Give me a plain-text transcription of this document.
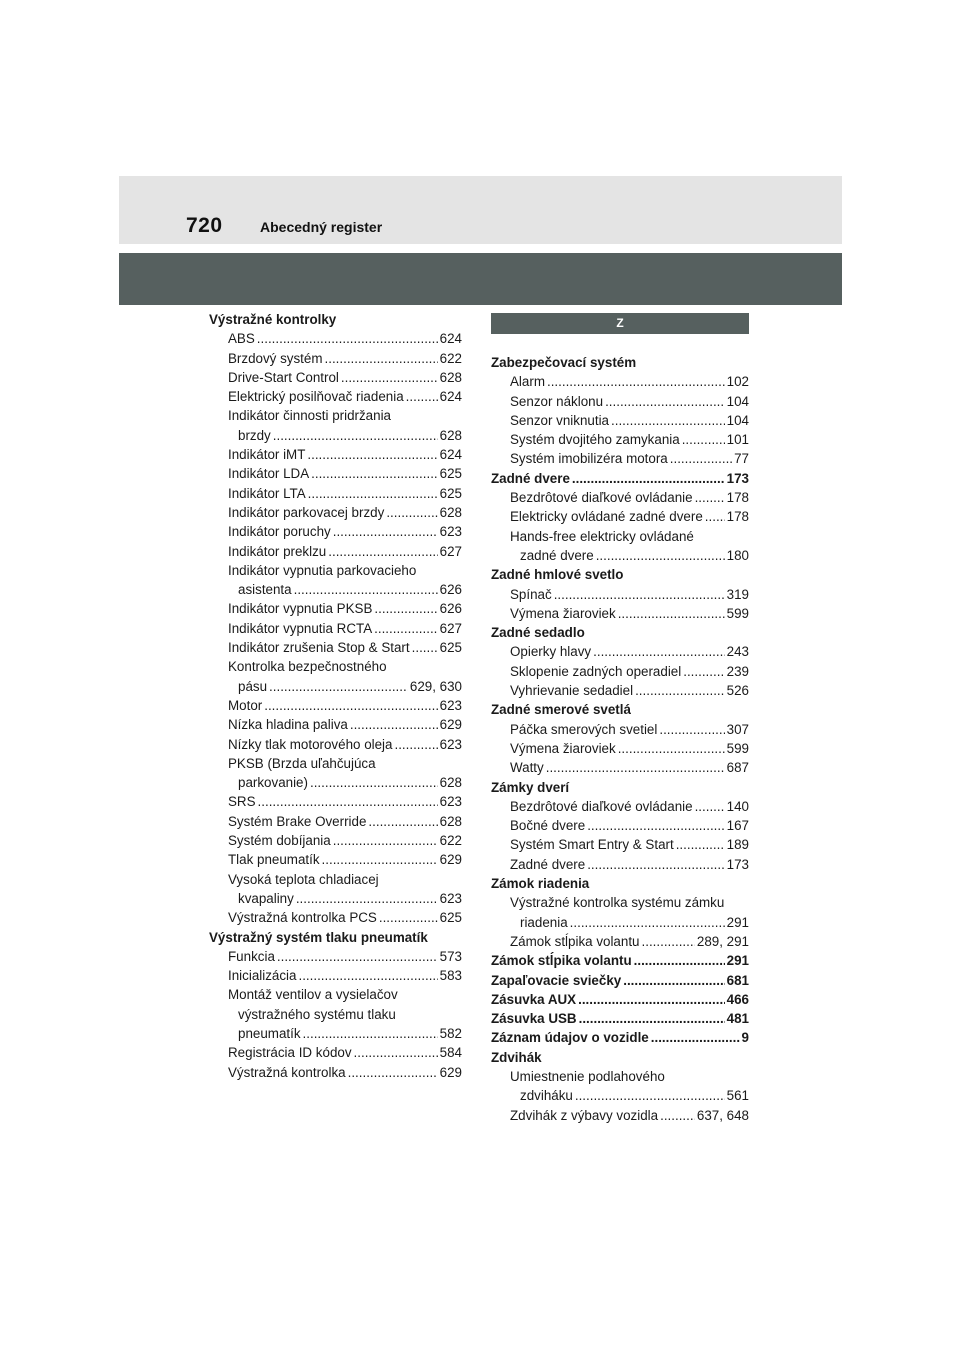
720	Abecedný register
Výstražné kontrolky
ABS .....	624
Brzdový systém .....	622
Drive-Start Control .....	628
Elektrický posilňovač riadenia .....	624
Indikátor činnosti pridržania
brzdy .....	628
Indikátor iMT .....	624
Indikátor LDA .....	625
Indikátor LTA .....	625
Indikátor parkovacej brzdy .....	628
Indikátor poruchy .....	623
Indikátor preklzu .....	627
Indikátor vypnutia parkovacieho
asistenta .....	626
Indikátor vypnutia PKSB .....	626
Indikátor vypnutia RCTA .....	627
Indikátor zrušenia Stop & Start ..... 625
Kontrolka bezpečnostného
pásu .....	629, 630
Motor .....	623
Nízka hladina paliva .....	629
Nízky tlak motorového oleja .....	623
PKSB (Brzda uľahčujúca
parkovanie) .....	628
SRS .....	623
Systém Brake Override .....	628
Systém dobíjania .....	622
Tlak pneumatík .....	629
Vysoká teplota chladiacej
kvapaliny .....	623
Výstražná kontrolka PCS .....	625
Výstražný systém tlaku pneumatík
Funkcia .....	573
Inicializácia .....	583
Montáž ventilov a vysielačov
výstražného systému tlaku
pneumatík .....	582
Registrácia ID kódov .....	584
Výstražná kontrolka .....	629
Z
Zabezpečovací systém
Alarm .....	102
Senzor náklonu .....	104
Senzor vniknutia .....	104
Systém dvojitého zamykania .....	101
Systém imobilizéra motora .....	77
Zadné dvere .....	173
Bezdrôtové diaľkové ovládanie .....	178
Elektricky ovládané zadné dvere ..... 178
Hands-free elektricky ovládané
zadné dvere .....	180
Zadné hmlové svetlo
Spínač .....	319
Výmena žiaroviek .....	599
Zadné sedadlo
Opierky hlavy .....	243
Sklopenie zadných operadiel .....	239
Vyhrievanie sedadiel .....	526
Zadné smerové svetlá
Páčka smerových svetiel .....	307
Výmena žiaroviek .....	599
Watty .....	687
Zámky dverí
Bezdrôtové diaľkové ovládanie .....	140
Bočné dvere .....	167
Systém Smart Entry & Start .....	189
Zadné dvere .....	173
Zámok riadenia
Výstražné kontrolka systému zámku
riadenia .....	291
Zámok stĺpika volantu .....	289, 291
Zámok stĺpika volantu .....	291
Zapaľovacie sviečky .....	681
Zásuvka AUX .....	466
Zásuvka USB .....	481
Záznam údajov o vozidle .....	9
Zdvihák
Umiestnenie podlahového
zdviháku .....	561
Zdvihák z výbavy vozidla .....	637, 648
